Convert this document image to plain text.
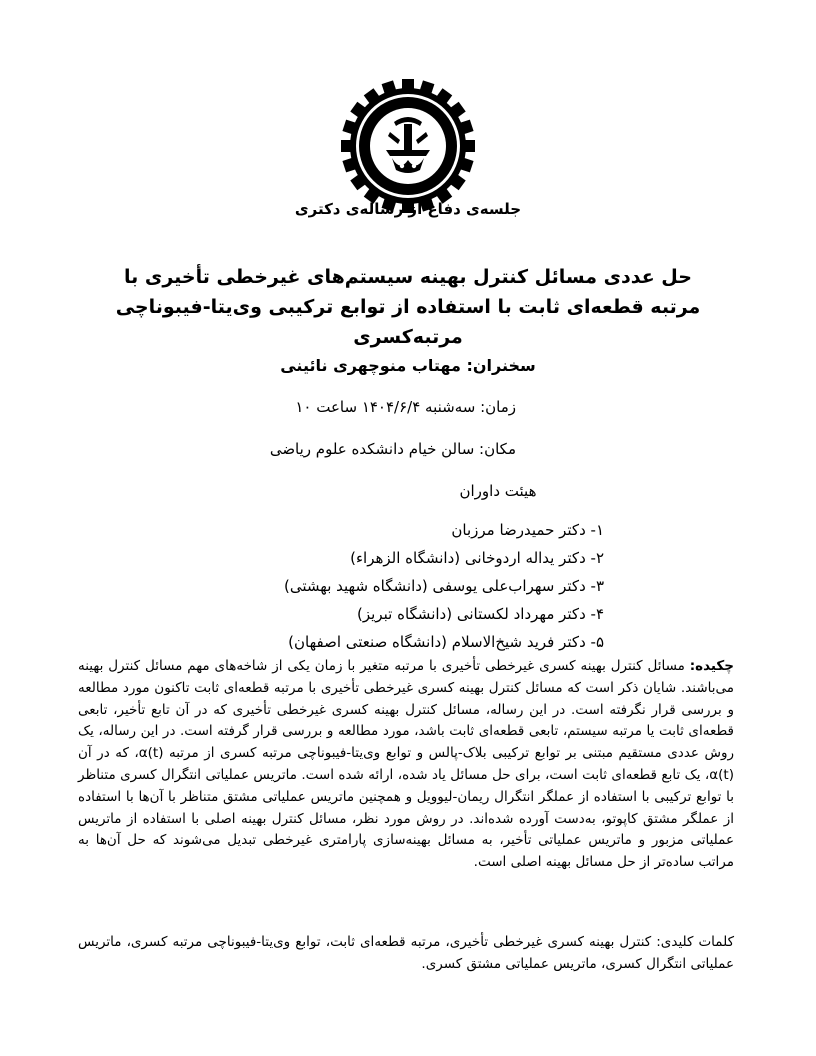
جلسه‌ی دفاع از رساله‌ی دکتری
حل عددی مسائل کنترل بهینه سیستم‌های غیرخطی تأخیری با مرتبه قطعه‌ای ثابت با استفاده از توابع ترکیبی وی‌یتا-فیبوناچی مرتبه‌کسری
سخنران: مهتاب منوچهری نائینی
زمان: سه‌شنبه ۱۴۰۴/۶/۴ ساعت ۱۰
مکان: سالن خیام دانشکده علوم ریاضی
هیئت داوران
۱- دکتر حمیدرضا مرزبان
۲- دکتر یداله اردوخانی (دانشگاه الزهراء)
۳- دکتر سهراب‌علی یوسفی (دانشگاه شهید بهشتی)
۴- دکتر مهرداد لکستانی (دانشگاه تبریز)
۵- دکتر فرید شیخ‌الاسلام (دانشگاه صنعتی اصفهان)
چکیده: مسائل کنترل بهینه کسری غیرخطی تأخیری با مرتبه متغیر با زمان یکی از شاخه‌های مهم مسائل کنترل بهینه می‌باشند. شایان ذکر است که مسائل کنترل بهینه کسری غیرخطی تأخیری با مرتبه قطعه‌ای ثابت تاکنون مورد مطالعه و بررسی قرار نگرفته است. در این رساله، مسائل کنترل بهینه کسری غیرخطی تأخیری که در آن تابع تأخیر، تابعی قطعه‌ای ثابت یا مرتبه سیستم، تابعی قطعه‌ای ثابت باشد، مورد مطالعه و بررسی قرار گرفته است. در این رساله، یک روش عددی مستقیم مبتنی بر توابع ترکیبی بلاک-پالس و توابع وی‌یتا-فیبوناچی مرتبه کسری از مرتبه α(t)، که در آن α(t)، یک تابع قطعه‌ای ثابت است، برای حل مسائل یاد شده، ارائه شده است. ماتریس عملیاتی انتگرال کسری متناظر با توابع ترکیبی با استفاده از عملگر انتگرال ریمان-لیوویل و همچنین ماتریس عملیاتی مشتق متناظر با آن‌ها با استفاده از عملگر مشتق کاپوتو، به‌دست آورده شده‌اند. در روش مورد نظر، مسائل کنترل بهینه اصلی با استفاده از ماتریس عملیاتی مزبور و ماتریس عملیاتی تأخیر، به مسائل بهینه‌سازی پارامتری غیرخطی تبدیل می‌شوند که حل آن‌ها به مراتب ساده‌تر از حل مسائل بهینه اصلی است.
کلمات کلیدی: کنترل بهینه کسری غیرخطی تأخیری، مرتبه قطعه‌ای ثابت، توابع وی‌یتا-فیبوناچی مرتبه کسری، ماتریس عملیاتی انتگرال کسری، ماتریس عملیاتی مشتق کسری.
